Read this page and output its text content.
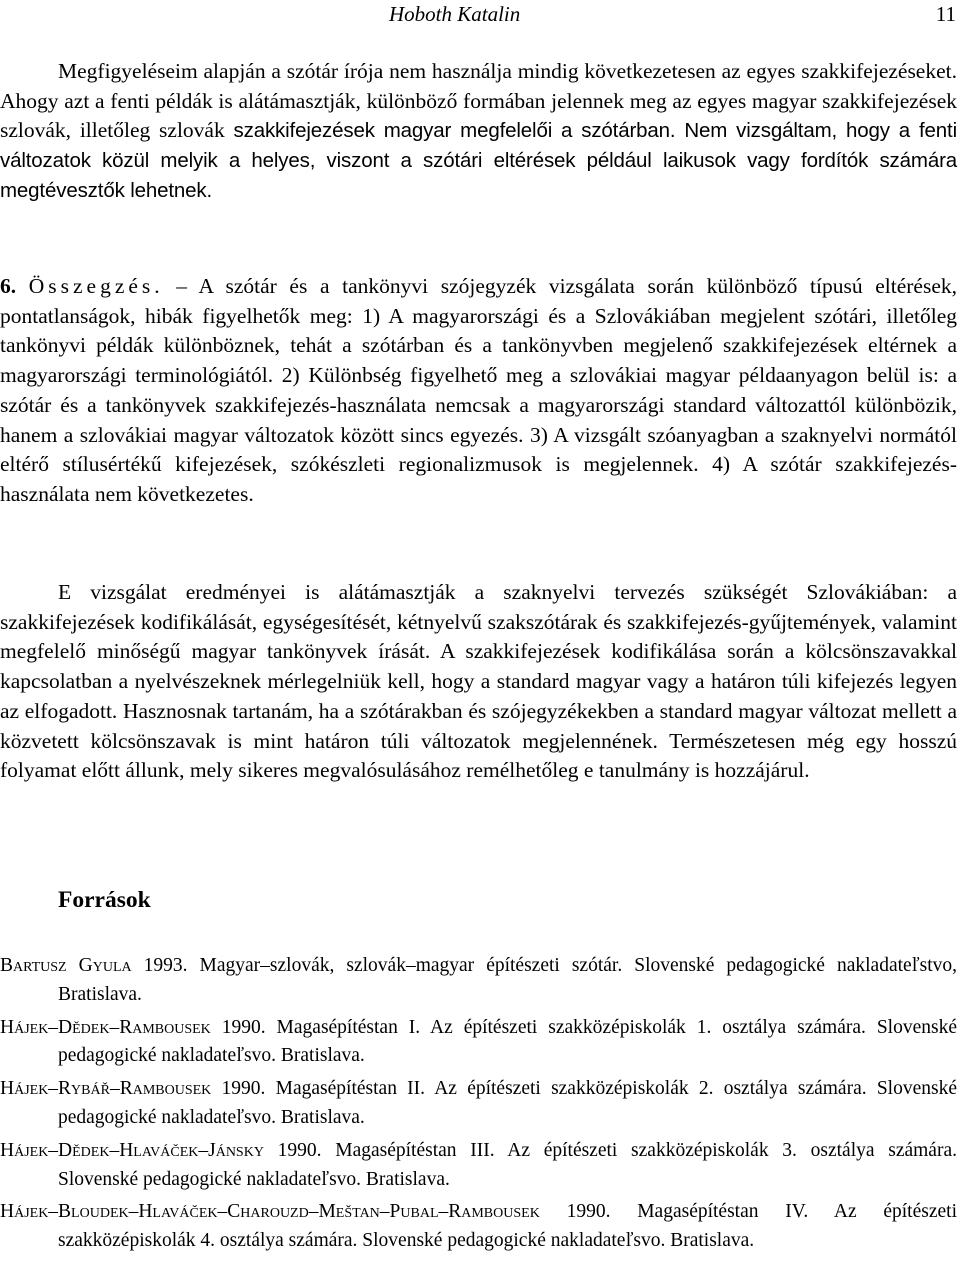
Hoboth Katalin	11

Megfigyeléseim alapján a szótár írója nem használja mindig következetesen az egyes szakkifejezéseket. Ahogy azt a fenti példák is alátámasztják, különböző formában jelennek meg az egyes magyar szakkifejezések szlovák, illetőleg szlovák szakkifejezések magyar megfelelői a szótárban. Nem vizsgáltam, hogy a fenti változatok közül melyik a helyes, viszont a szótári eltérések például laikusok vagy fordítók számára megtévesztők lehetnek.

6. Összegzés. – A szótár és a tankönyvi szójegyzék vizsgálata során különböző típusú eltérések, pontatlanságok, hibák figyelhetők meg: 1) A magyarországi és a Szlovákiában megjelent szótári, illetőleg tankönyvi példák különböznek, tehát a szótárban és a tankönyvben megjelenő szakkifejezések eltérnek a magyarországi terminológiától. 2) Különbség figyelhető meg a szlovákiai magyar példaanyagon belül is: a szótár és a tankönyvek szakkifejezés-használata nemcsak a magyarországi standard változattól különbözik, hanem a szlovákiai magyar változatok között sincs egyezés. 3) A vizsgált szóanyagban a szaknyelvi normától eltérő stílusértékű kifejezések, szókészleti regionalizmusok is megjelennek. 4) A szótár szakkifejezés-használata nem következetes.

E vizsgálat eredményei is alátámasztják a szaknyelvi tervezés szükségét Szlovákiában: a szakkifejezések kodifikálását, egységesítését, kétnyelvű szakszótárak és szakkifejezés-gyűjtemények, valamint megfelelő minőségű magyar tankönyvek írását. A szakkifejezések kodifikálása során a kölcsönszavakkal kapcsolatban a nyelvészeknek mérlegelniük kell, hogy a standard magyar vagy a határon túli kifejezés legyen az elfogadott. Hasznosnak tartanám, ha a szótárakban és szójegyzékekben a standard magyar változat mellett a közvetett kölcsönszavak is mint határon túli változatok megjelennének. Természetesen még egy hosszú folyamat előtt állunk, mely sikeres megvalósulásához remélhetőleg e tanulmány is hozzájárul.

Források
Bartusz Gyula 1993. Magyar–szlovák, szlovák–magyar építészeti szótár. Slovenské pedagogické nakladateľstvo, Bratislava.
Hájek–Dědek–Rambousek 1990. Magasépítéstan I. Az építészeti szakközépiskolák 1. osztálya számára. Slovenské pedagogické nakladateľsvo. Bratislava.
Hájek–Rybář–Rambousek 1990. Magasépítéstan II. Az építészeti szakközépiskolák 2. osztálya számára. Slovenské pedagogické nakladateľsvo. Bratislava.
Hájek–Dědek–Hlaváček–Jánsky 1990. Magasépítéstan III. Az építészeti szakközépiskolák 3. osztálya számára. Slovenské pedagogické nakladateľsvo. Bratislava.
Hájek–Bloudek–Hlaváček–Charouzd–Meštan–Pubal–Rambousek 1990. Magasépítéstan IV. Az építészeti szakközépiskolák 4. osztálya számára. Slovenské pedagogické nakladateľsvo. Bratislava.
